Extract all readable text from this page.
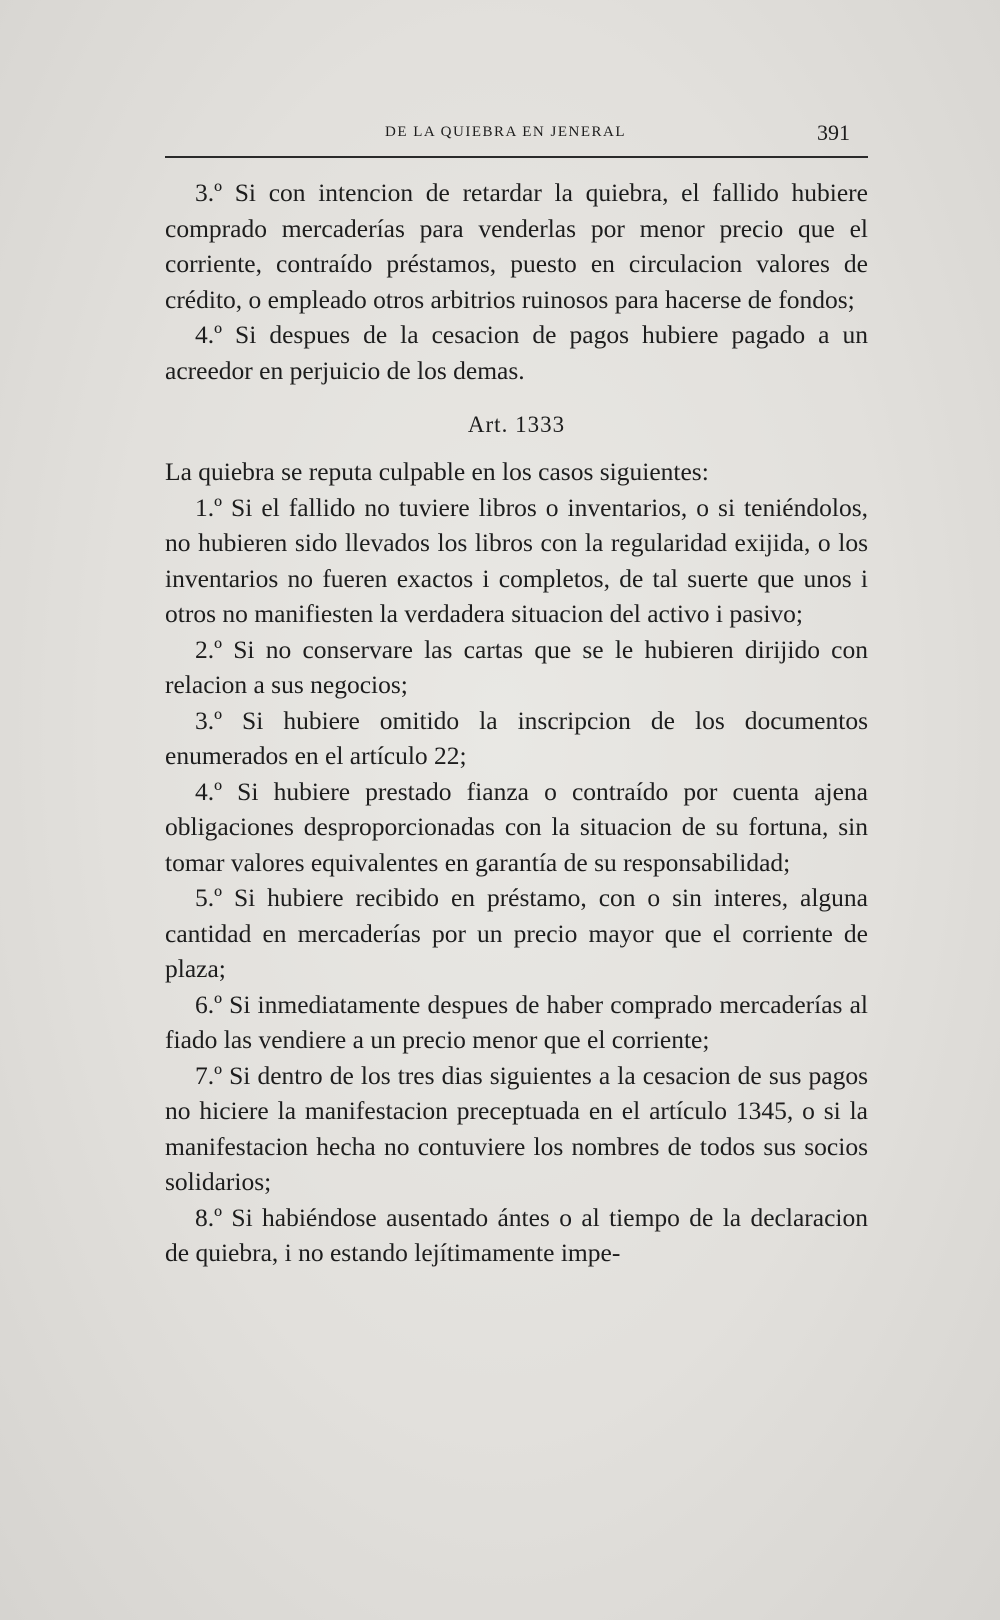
DE LA QUIEBRA EN JENERAL	391

3.º Si con intencion de retardar la quiebra, el fallido hubiere comprado mercaderías para venderlas por menor precio que el corriente, contraído préstamos, puesto en circulacion valores de crédito, o empleado otros arbitrios ruinosos para hacerse de fondos;

4.º Si despues de la cesacion de pagos hubiere pagado a un acreedor en perjuicio de los demas.

Art. 1333

La quiebra se reputa culpable en los casos siguientes:

1.º Si el fallido no tuviere libros o inventarios, o si teniéndolos, no hubieren sido llevados los libros con la regularidad exijida, o los inventarios no fueren exactos i completos, de tal suerte que unos i otros no manifiesten la verdadera situacion del activo i pasivo;

2.º Si no conservare las cartas que se le hubieren dirijido con relacion a sus negocios;

3.º Si hubiere omitido la inscripcion de los documentos enumerados en el artículo 22;

4.º Si hubiere prestado fianza o contraído por cuenta ajena obligaciones desproporcionadas con la situacion de su fortuna, sin tomar valores equivalentes en garantía de su responsabilidad;

5.º Si hubiere recibido en préstamo, con o sin interes, alguna cantidad en mercaderías por un precio mayor que el corriente de plaza;

6.º Si inmediatamente despues de haber comprado mercaderías al fiado las vendiere a un precio menor que el corriente;

7.º Si dentro de los tres dias siguientes a la cesacion de sus pagos no hiciere la manifestacion preceptuada en el artículo 1345, o si la manifestacion hecha no contuviere los nombres de todos sus socios solidarios;

8.º Si habiéndose ausentado ántes o al tiempo de la declaracion de quiebra, i no estando lejítimamente impe-
